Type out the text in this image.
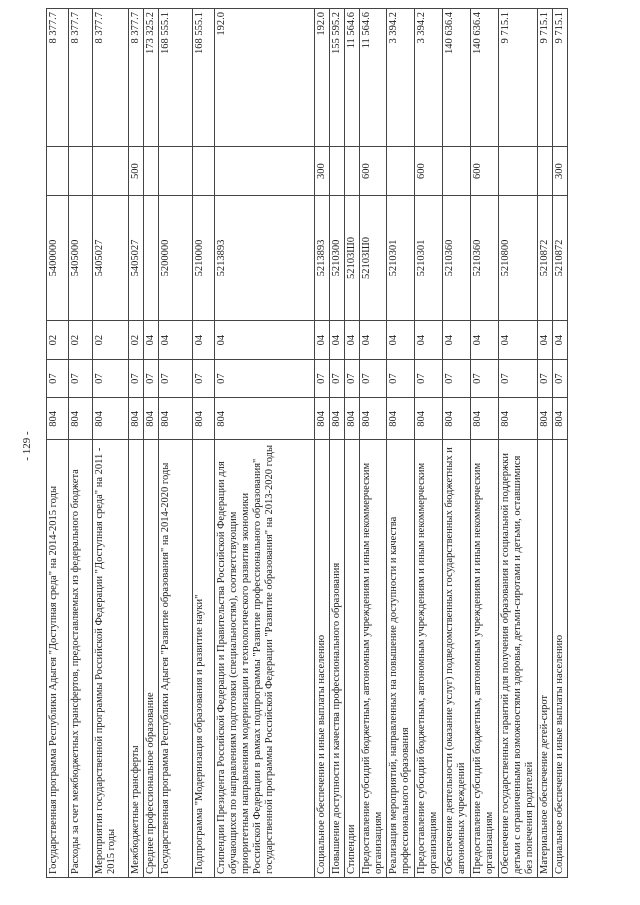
- 129 -
Государственная программа Республики Адыгея "Доступная среда" на 2014-2015 годы	804	07	02	5400000		8 377.7
Расходы за счет межбюджетных трансфертов, предоставляемых из федерального бюджета	804	07	02	5405000		8 377.7
Мероприятия государственной программы Российской Федерации "Доступная среда" на 2011 - 2015 годы	804	07	02	5405027		8 377.7
Межбюджетные трансферты	804	07	02	5405027	500	8 377.7
Среднее профессиональное образование	804	07	04			173 325.2
Государственная программа Республики Адыгея "Развитие образования" на 2014-2020 годы	804	07	04	5200000		168 555.1
Подпрограмма "Модернизация образования и развитие науки"	804	07	04	5210000		168 555.1
Стипендии Президента Российской Федерации и Правительства Российской Федерации для обучающихся по направлениям подготовки (специальностям), соответствующим приоритетным направлениям модернизации и технологического развития экономики Российской Федерации в рамках подпрограммы "Развитие профессионального образования" государственной программы Российской Федерации "Развитие образования" на 2013-2020 годы	804	07	04	5213893		192.0
Социальное обеспечение и иные выплаты населению	804	07	04	5213893	300	192.0
Повышение доступности и качества профессионального образования	804	07	04	5210300		155 595.2
Стипендии	804	07	04	52103Ш0		11 564.6
Предоставление субсидий бюджетным, автономным учреждениям и иным некоммерческим организациям	804	07	04	52103Ш0	600	11 564.6
Реализация мероприятий, направленных на повышение доступности и качества профессионального образования	804	07	04	5210301		3 394.2
Предоставление субсидий бюджетным, автономным учреждениям и иным некоммерческим организациям	804	07	04	5210301	600	3 394.2
Обеспечение деятельности (оказание услуг) подведомственных государственных бюджетных и автономных учреждений	804	07	04	5210360		140 636.4
Предоставление субсидий бюджетным, автономным учреждениям и иным некоммерческим организациям	804	07	04	5210360	600	140 636.4
Обеспечение государственных гарантий для получения образования и социальной поддержки детьми с ограниченными возможностями здоровья, детьми-сиротами и детьми, оставшимися без попечения родителей	804	07	04	5210800		9 715.1
Материальное обеспечение детей-сирот	804	07	04	5210872		9 715.1
Социальное обеспечение и иные выплаты населению	804	07	04	5210872	300	9 715.1
